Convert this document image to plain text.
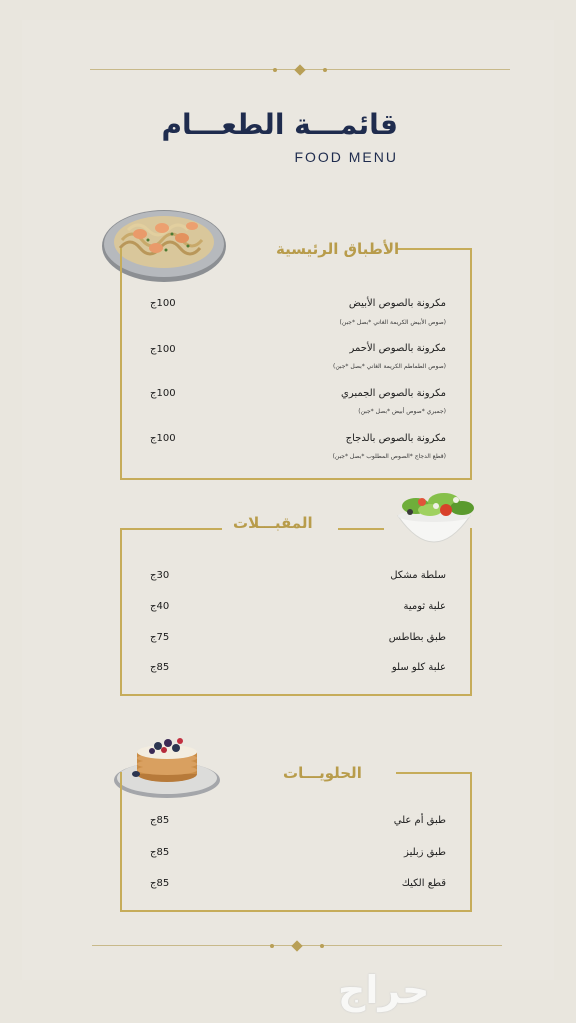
قائمـــة الطعـــام
FOOD MENU
الأطباق الرئيسية
مكرونة بالصوص الأبيض
(صوص الأبيض الكريمة الغاني *بصل *جبن)
100ج
مكرونة بالصوص الأحمر
(صوص الطماطم الكريمة الغاني *بصل *جبن)
100ج
مكرونة بالصوص الجمبري
(جمبري *صوص أبيض *بصل *جبن)
100ج
مكرونة بالصوص بالدجاج
(قطع الدجاج *الصوص المطلوب *بصل *جبن)
100ج
المقبـــلات
سلطة مشكل
30ج
علبة ثومية
40ج
طبق بطاطس
75ج
علبة كلو سلو
85ج
الحلويـــات
طبق أم علي
85ج
طبق زبليز
85ج
قطع الكيك
85ج
حراج
